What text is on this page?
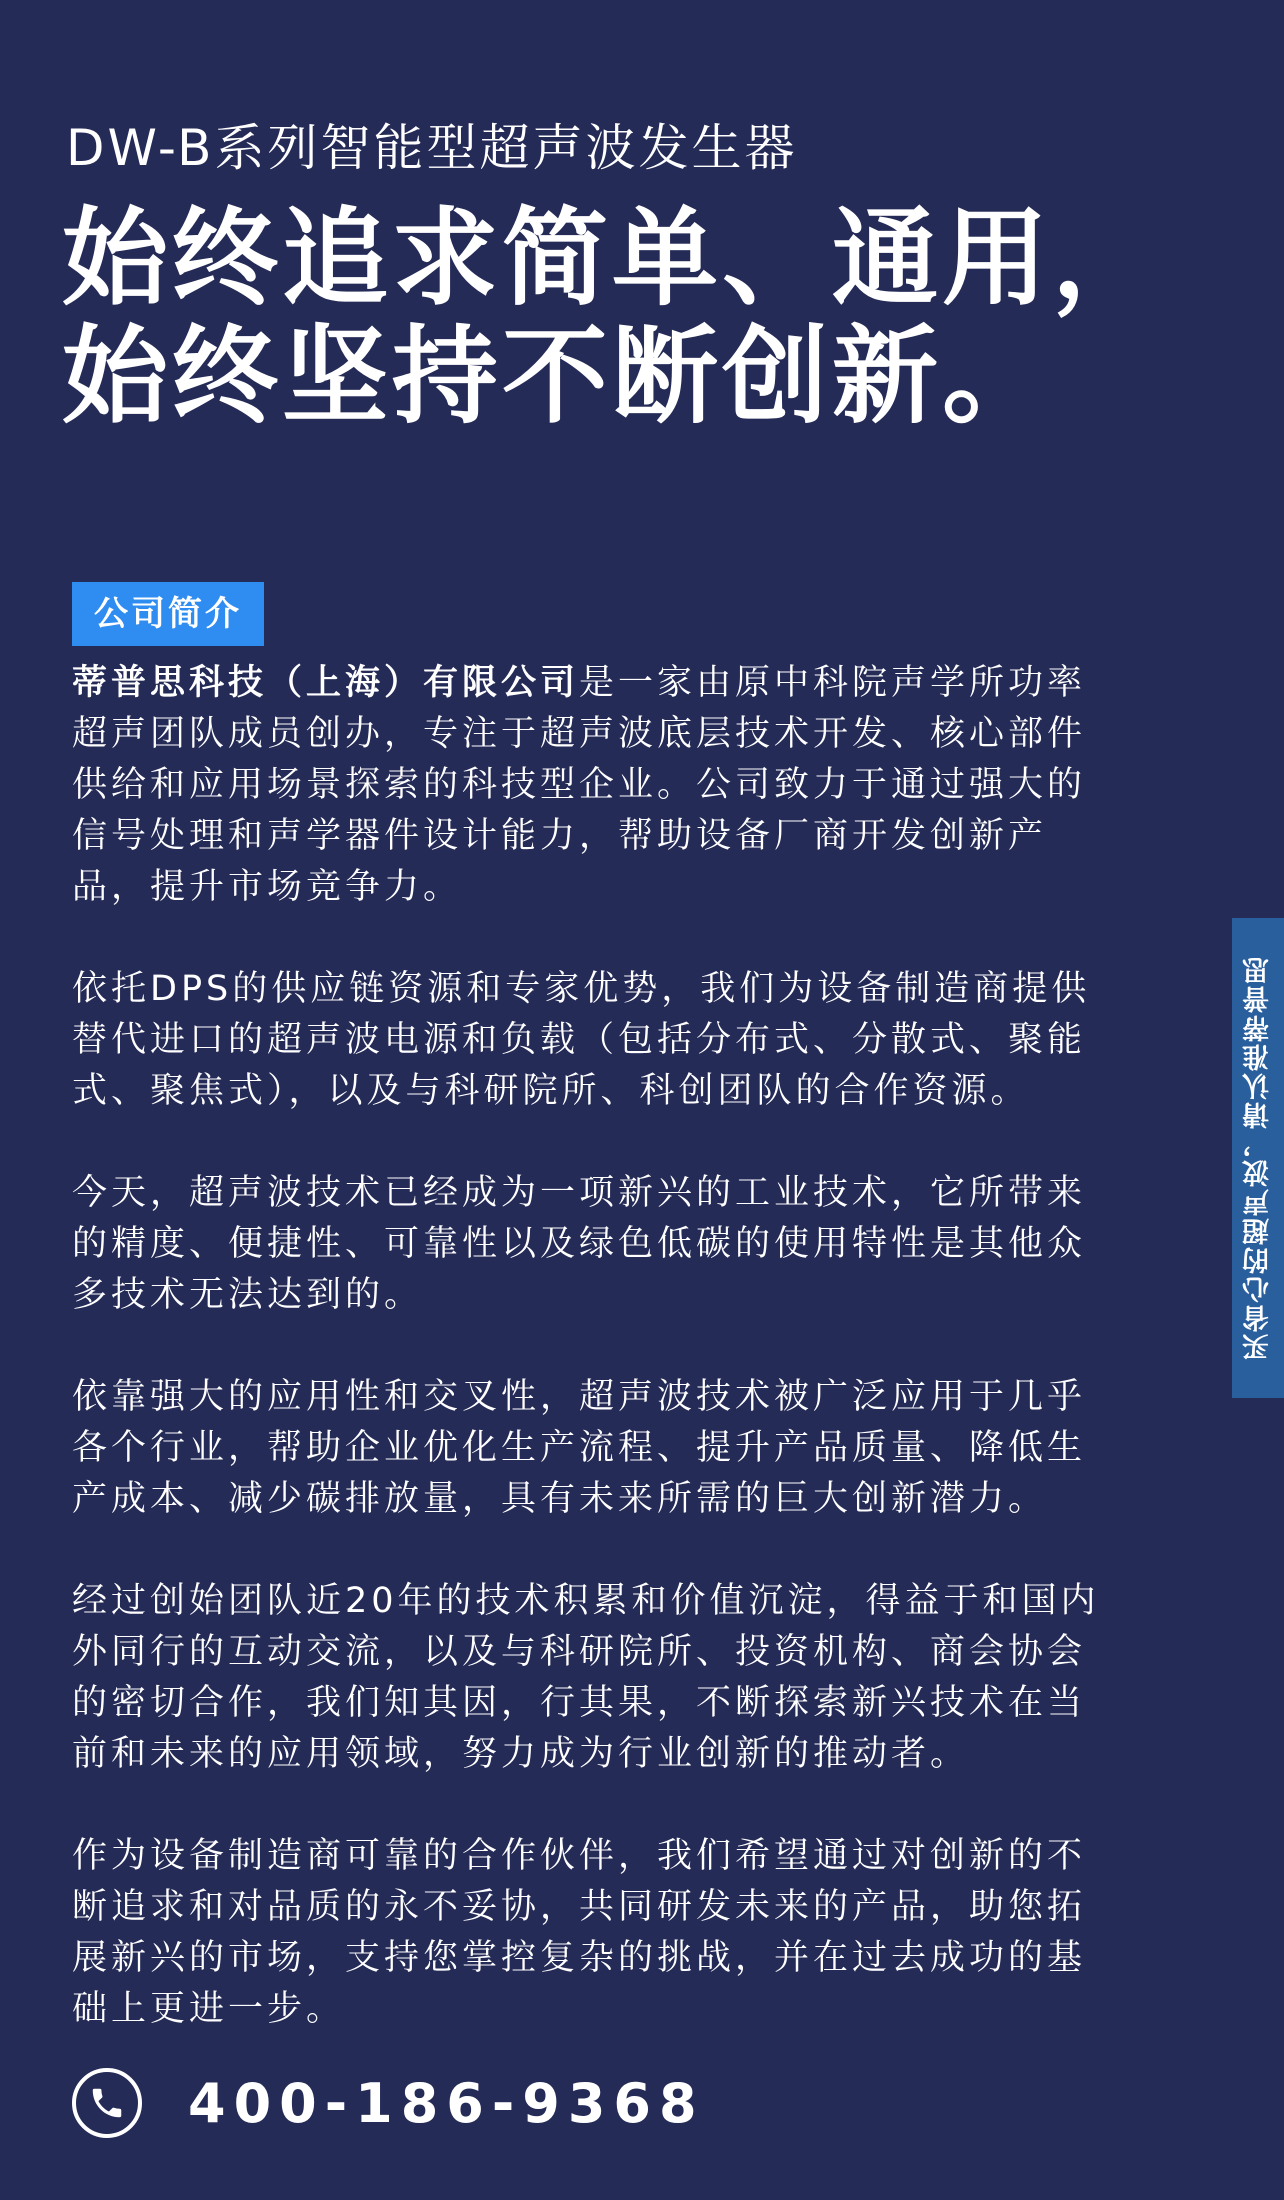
DW-B系列智能型超声波发生器
始终追求简单、通用，
始终坚持不断创新。
公司简介

蒂普思科技（上海）有限公司是一家由原中科院声学所功率超声团队成员创办，专注于超声波底层技术开发、核心部件供给和应用场景探索的科技型企业。公司致力于通过强大的信号处理和声学器件设计能力，帮助设备厂商开发创新产品，提升市场竞争力。

依托DPS的供应链资源和专家优势，我们为设备制造商提供替代进口的超声波电源和负载（包括分布式、分散式、聚能式、聚焦式），以及与科研院所、科创团队的合作资源。

今天，超声波技术已经成为一项新兴的工业技术，它所带来的精度、便捷性、可靠性以及绿色低碳的使用特性是其他众多技术无法达到的。

依靠强大的应用性和交叉性，超声波技术被广泛应用于几乎各个行业，帮助企业优化生产流程、提升产品质量、降低生产成本、减少碳排放量，具有未来所需的巨大创新潜力。

经过创始团队近20年的技术积累和价值沉淀，得益于和国内外同行的互动交流，以及与科研院所、投资机构、商会协会的密切合作，我们知其因，行其果，不断探索新兴技术在当前和未来的应用领域，努力成为行业创新的推动者。

作为设备制造商可靠的合作伙伴，我们希望通过对创新的不断追求和对品质的永不妥协，共同研发未来的产品，助您拓展新兴的市场，支持您掌控复杂的挑战，并在过去成功的基础上更进一步。

买省心的超声波，请认准蒂普思
400-186-9368
